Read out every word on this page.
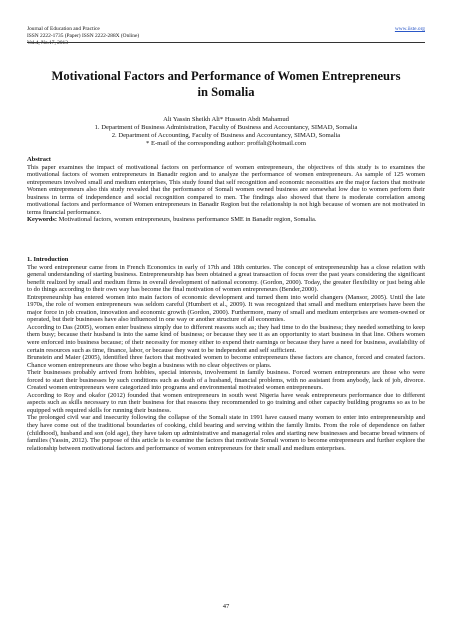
Journal of Education and Practice
ISSN 2222-1735 (Paper) ISSN 2222-288X (Online)
Vol.4, No.17, 2013
www.iiste.org
Motivational Factors and Performance of Women Entrepreneurs
in Somalia
Ali Yassin Sheikh Ali* Hussein Abdi Mahamud
1. Department of Business Administration, Faculty of Business and Accountancy, SIMAD, Somalia
2. Department of Accounting, Faculty of Business and Accountancy, SIMAD, Somalia
* E-mail of the corresponding author: proffali@hotmail.com

Abstract

This paper examines the impact of motivational factors on performance of women entrepreneurs, the objectives of this study is to examines the motivational factors of women entrepreneurs in Banadir region and to analyze the performance of women entrepreneurs. As sample of 125 women entrepreneurs involved small and medium enterprises, This study found that self recognition and economic necessities are the major factors that motivate Women entrepreneurs also this study revealed that the performance of Somali women owned business are somewhat low due to women perform their business in terms of independence and social recognition compared to men. The findings also showed that there is moderate correlation among motivational factors and performance of Women entrepreneurs in Banadir Region but the relationship is not high because of women are not motivated in terms financial performance.

Keywords: Motivational factors, women entrepreneurs, business performance SME in Banadir region, Somalia.

1. Introduction

The word entrepreneur came from in French Economics in early of 17th and 18th centuries. The concept of entrepreneurship has a close relation with general understanding of starting business. Entrepreneurship has been obtained a great transaction of focus over the past years considering the significant benefit realized by small and medium firms in overall development of national economy. (Gordon, 2000). Today, the greater flexibility or just being able to do things according to their own way has become the final motivation of women entrepreneurs (Bender,2000).

Entrepreneurship has entered women into main factors of economic development and turned them into world changers (Mansor, 2005). Until the late 1970s, the role of women entrepreneurs was seldom careful (Humbert et al., 2009). It was recognized that small and medium enterprises have been the major force in job creation, innovation and economic growth (Gordon, 2000). Furthermore, many of small and medium enterprises are women-owned or operated, but their businesses have also influenced in one way or another structure of all economies.

According to Das (2005), women enter business simply due to different reasons such as; they had time to do the business; they needed something to keep them busy; because their husband is into the same kind of business; or because they see it as an opportunity to start business in that line. Others women were enforced into business because; of their necessity for money either to expend their earnings or because they have a need for business, availability of certain resources such as time, finance, labor, or because they want to be independent and self sufficient.

Brunstein and Maier (2005), identified three factors that motivated women to become entrepreneurs these factors are chance, forced and created factors. Chance women entrepreneurs are those who begin a business with no clear objectives or plans.

Their businesses probably arrived from hobbies, special interests, involvement in family business. Forced women entrepreneurs are those who were forced to start their businesses by such conditions such as death of a husband, financial problems, with no assistant from anybody, lack of job, divorce. Created women entrepreneurs were categorized into programs and environmental motivated women entrepreneurs.

According to Roy and okafor (2012) founded that women entrepreneurs in south west Nigeria have weak entrepreneurs performance due to different aspects such as skills necessary to run their business for that reasons they recommended to go training and other capacity building programs so as to be equipped with required skills for running their business.

The prolonged civil war and insecurity following the collapse of the Somali state in 1991 have caused many women to enter into entrepreneurship and they have come out of the traditional boundaries of cooking, child bearing and serving within the family limits. From the role of dependence on father (childhood), husband and son (old age), they have taken up administrative and managerial roles and starting new businesses and became bread winners of families (Yassin, 2012). The purpose of this article is to examine the factors that motivate Somali women to become entrepreneurs and further explore the relationship between motivational factors and performance of women entrepreneurs for their small and medium enterprises.

47
